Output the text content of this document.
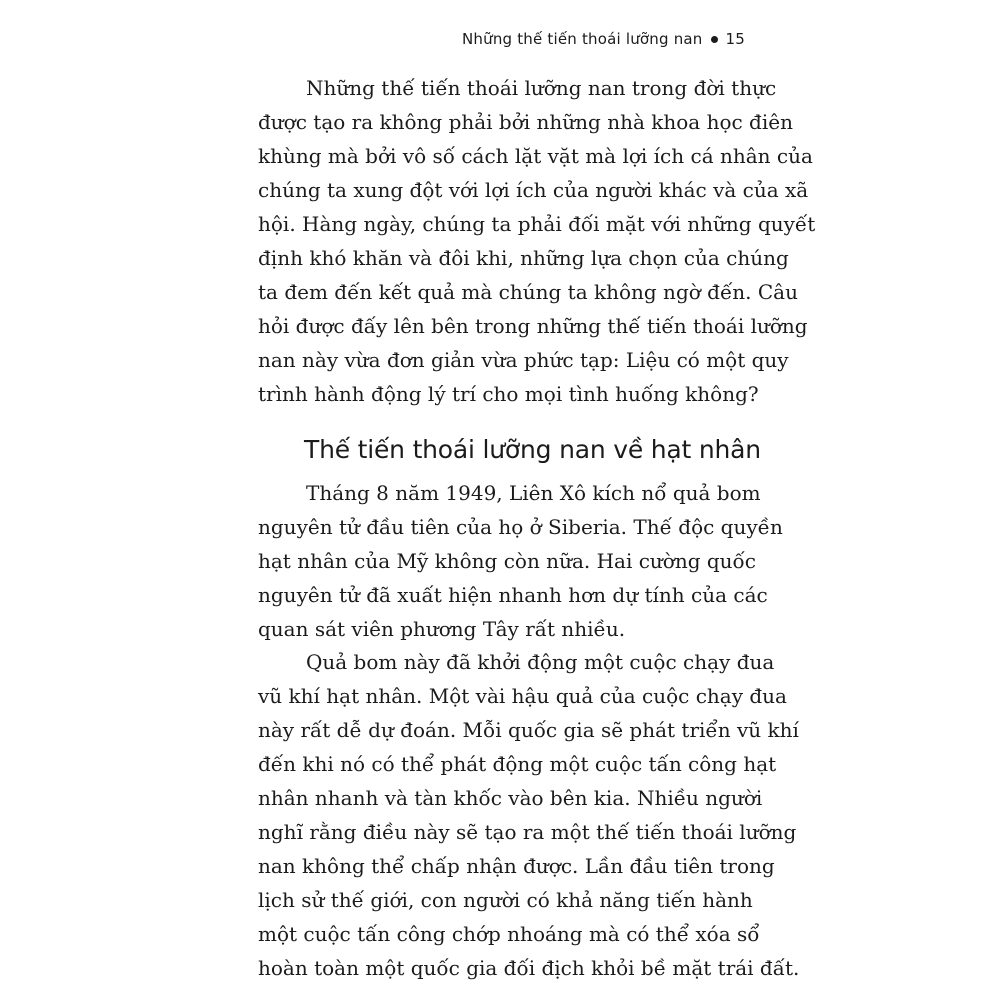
Những thế tiến thoái lưỡng nan 15
Những thế tiến thoái lưỡng nan trong đời thực
được tạo ra không phải bởi những nhà khoa học điên
khùng mà bởi vô số cách lặt vặt mà lợi ích cá nhân của
chúng ta xung đột với lợi ích của người khác và của xã
hội. Hàng ngày, chúng ta phải đối mặt với những quyết
định khó khăn và đôi khi, những lựa chọn của chúng
ta đem đến kết quả mà chúng ta không ngờ đến. Câu
hỏi được đấy lên bên trong những thế tiến thoái lưỡng
nan này vừa đơn giản vừa phức tạp: Liệu có một quy
trình hành động lý trí cho mọi tình huống không?
Thế tiến thoái lưỡng nan về hạt nhân
Tháng 8 năm 1949, Liên Xô kích nổ quả bom
nguyên tử đầu tiên của họ ở Siberia. Thế độc quyền
hạt nhân của Mỹ không còn nữa. Hai cường quốc
nguyên tử đã xuất hiện nhanh hơn dự tính của các
quan sát viên phương Tây rất nhiều.
Quả bom này đã khởi động một cuộc chạy đua
vũ khí hạt nhân. Một vài hậu quả của cuộc chạy đua
này rất dễ dự đoán. Mỗi quốc gia sẽ phát triển vũ khí
đến khi nó có thể phát động một cuộc tấn công hạt
nhân nhanh và tàn khốc vào bên kia. Nhiều người
nghĩ rằng điều này sẽ tạo ra một thế tiến thoái lưỡng
nan không thể chấp nhận được. Lần đầu tiên trong
lịch sử thế giới, con người có khả năng tiến hành
một cuộc tấn công chớp nhoáng mà có thể xóa sổ
hoàn toàn một quốc gia đối địch khỏi bề mặt trái đất.
